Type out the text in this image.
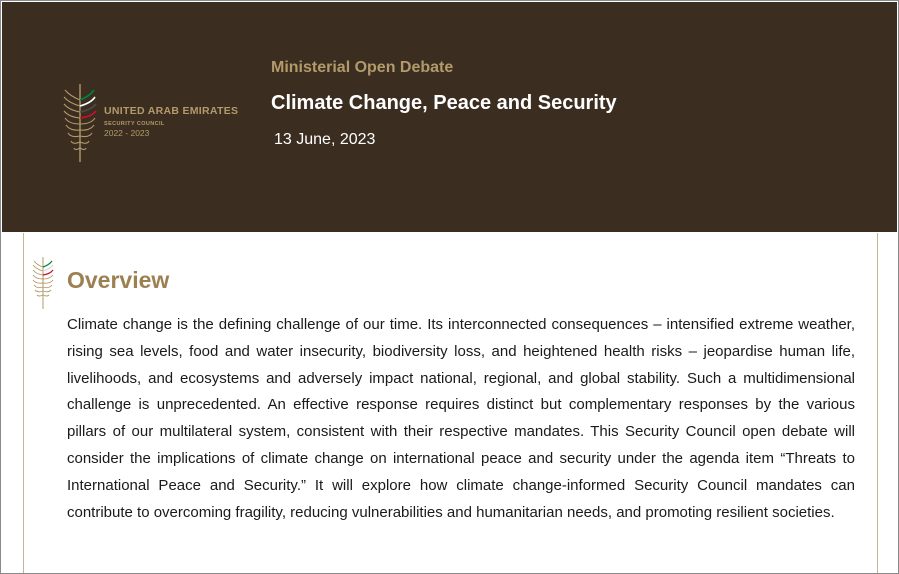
UNITED ARAB EMIRATES
SECURITY COUNCIL
2022 - 2023
Ministerial Open Debate
Climate Change, Peace and Security
13 June, 2023
Overview

Climate change is the defining challenge of our time. Its interconnected consequences – intensified extreme weather, rising sea levels, food and water insecurity, biodiversity loss, and heightened health risks – jeopardise human life, livelihoods, and ecosystems and adversely impact national, regional, and global stability. Such a multidimensional challenge is unprecedented. An effective response requires distinct but complementary responses by the various pillars of our multilateral system, consistent with their respective mandates. This Security Council open debate will consider the implications of climate change on international peace and security under the agenda item “Threats to International Peace and Security.” It will explore how climate change-informed Security Council mandates can contribute to overcoming fragility, reducing vulnerabilities and humanitarian needs, and promoting resilient societies.
